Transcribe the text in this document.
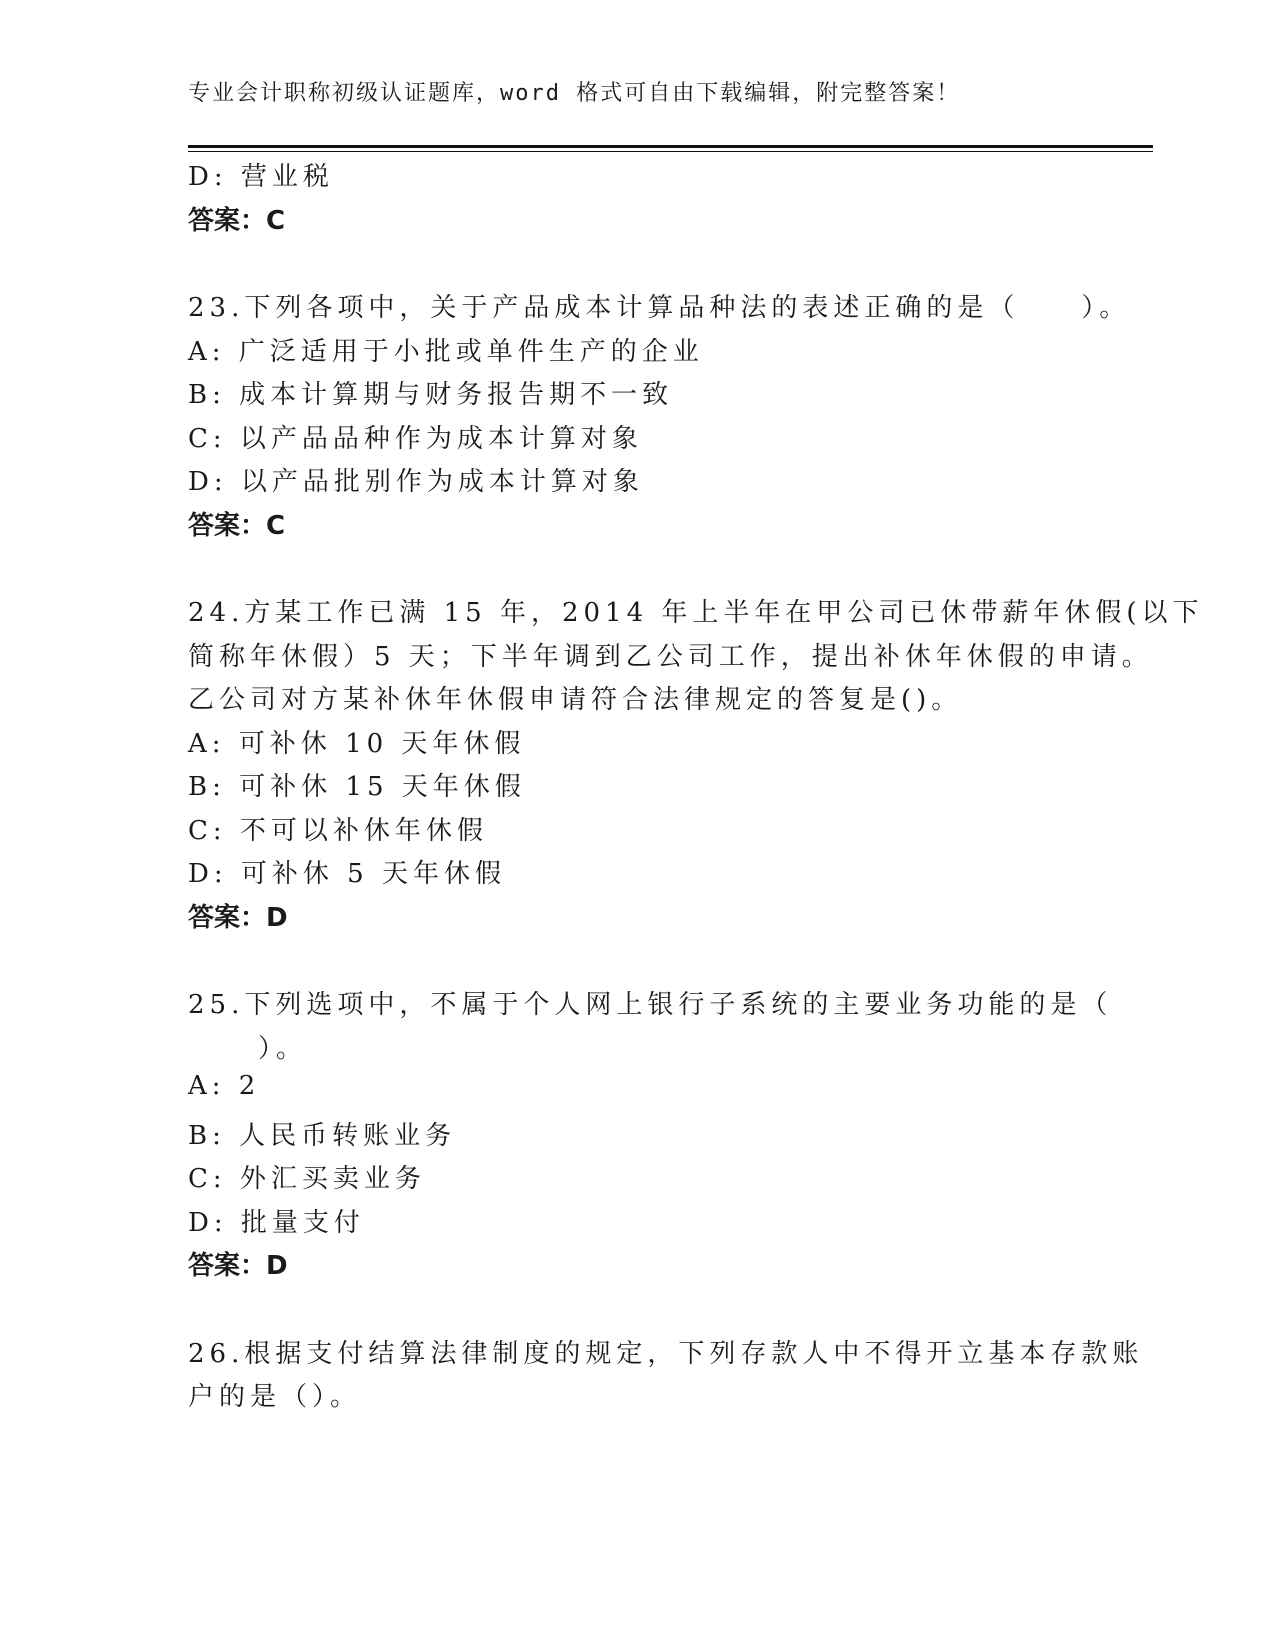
专业会计职称初级认证题库，word 格式可自由下载编辑，附完整答案！
D: 营业税
答案：C
23.下列各项中，关于产品成本计算品种法的表述正确的是（　　）。
A: 广泛适用于小批或单件生产的企业
B: 成本计算期与财务报告期不一致
C: 以产品品种作为成本计算对象
D: 以产品批别作为成本计算对象
答案：C
24.方某工作已满 15 年，2014 年上半年在甲公司已休带薪年休假(以下
简称年休假）5 天；下半年调到乙公司工作，提出补休年休假的申请。
乙公司对方某补休年休假申请符合法律规定的答复是()。
A: 可补休 10 天年休假
B: 可补休 15 天年休假
C: 不可以补休年休假
D: 可补休 5 天年休假
答案：D
25.下列选项中，不属于个人网上银行子系统的主要业务功能的是（
）。
A: 2
B: 人民币转账业务
C: 外汇买卖业务
D: 批量支付
答案：D
26.根据支付结算法律制度的规定，下列存款人中不得开立基本存款账
户的是（）。
